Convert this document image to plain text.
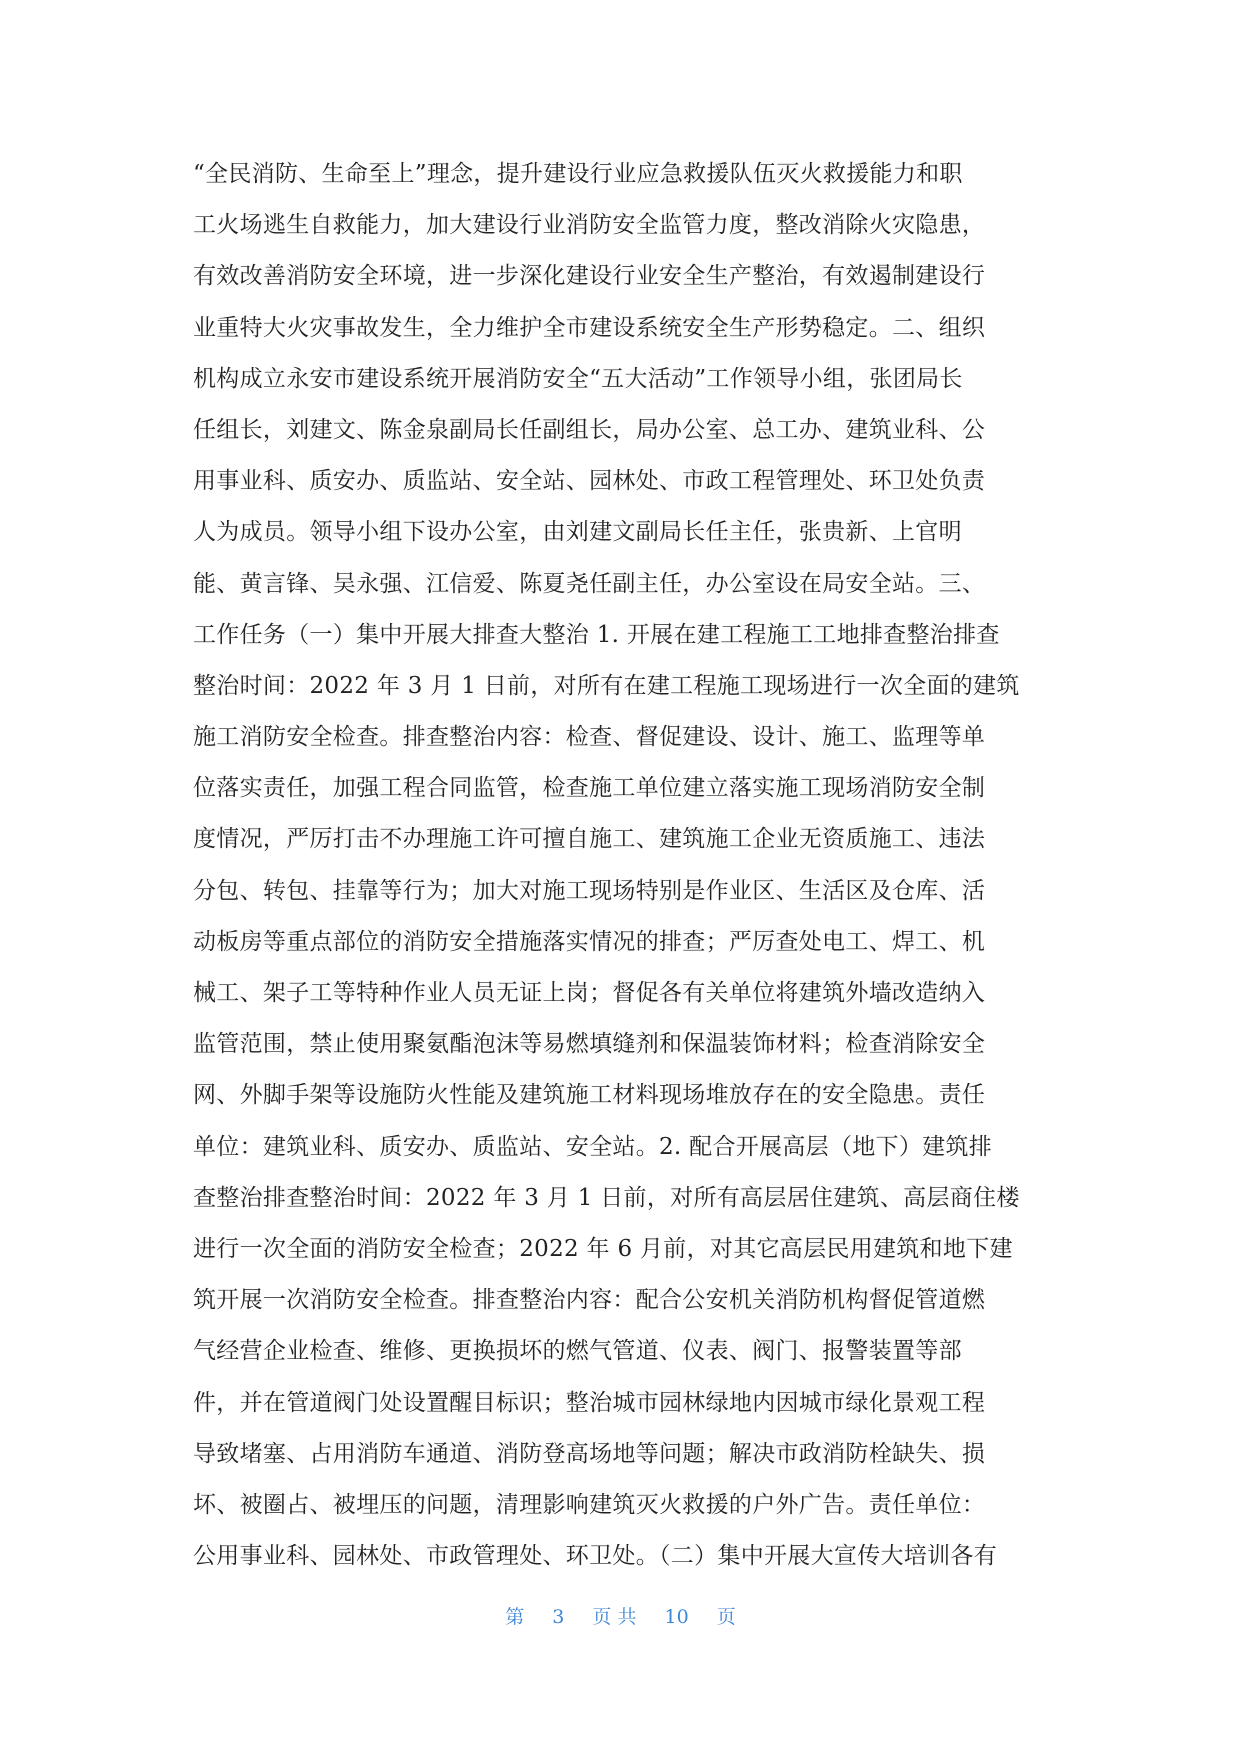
“全民消防、生命至上”理念，提升建设行业应急救援队伍灭火救援能力和职
工火场逃生自救能力，加大建设行业消防安全监管力度，整改消除火灾隐患，
有效改善消防安全环境，进一步深化建设行业安全生产整治，有效遏制建设行
业重特大火灾事故发生，全力维护全市建设系统安全生产形势稳定。二、组织
机构成立永安市建设系统开展消防安全“五大活动”工作领导小组，张团局长
任组长，刘建文、陈金泉副局长任副组长，局办公室、总工办、建筑业科、公
用事业科、质安办、质监站、安全站、园林处、市政工程管理处、环卫处负责
人为成员。领导小组下设办公室，由刘建文副局长任主任，张贵新、上官明
能、黄言锋、吴永强、江信爱、陈夏尧任副主任，办公室设在局安全站。三、
工作任务（一）集中开展大排查大整治 1. 开展在建工程施工工地排查整治排查
整治时间：2022 年 3 月 1 日前，对所有在建工程施工现场进行一次全面的建筑
施工消防安全检查。排查整治内容：检查、督促建设、设计、施工、监理等单
位落实责任，加强工程合同监管，检查施工单位建立落实施工现场消防安全制
度情况，严厉打击不办理施工许可擅自施工、建筑施工企业无资质施工、违法
分包、转包、挂靠等行为；加大对施工现场特别是作业区、生活区及仓库、活
动板房等重点部位的消防安全措施落实情况的排查；严厉查处电工、焊工、机
械工、架子工等特种作业人员无证上岗；督促各有关单位将建筑外墙改造纳入
监管范围，禁止使用聚氨酯泡沫等易燃填缝剂和保温装饰材料；检查消除安全
网、外脚手架等设施防火性能及建筑施工材料现场堆放存在的安全隐患。责任
单位：建筑业科、质安办、质监站、安全站。2. 配合开展高层（地下）建筑排
查整治排查整治时间：2022 年 3 月 1 日前，对所有高层居住建筑、高层商住楼
进行一次全面的消防安全检查；2022 年 6 月前，对其它高层民用建筑和地下建
筑开展一次消防安全检查。排查整治内容：配合公安机关消防机构督促管道燃
气经营企业检查、维修、更换损坏的燃气管道、仪表、阀门、报警装置等部
件，并在管道阀门处设置醒目标识；整治城市园林绿地内因城市绿化景观工程
导致堵塞、占用消防车通道、消防登高场地等问题；解决市政消防栓缺失、损
坏、被圈占、被埋压的问题，清理影响建筑灭火救援的户外广告。责任单位：
公用事业科、园林处、市政管理处、环卫处。（二）集中开展大宣传大培训各有
第 3 页 共 10 页
